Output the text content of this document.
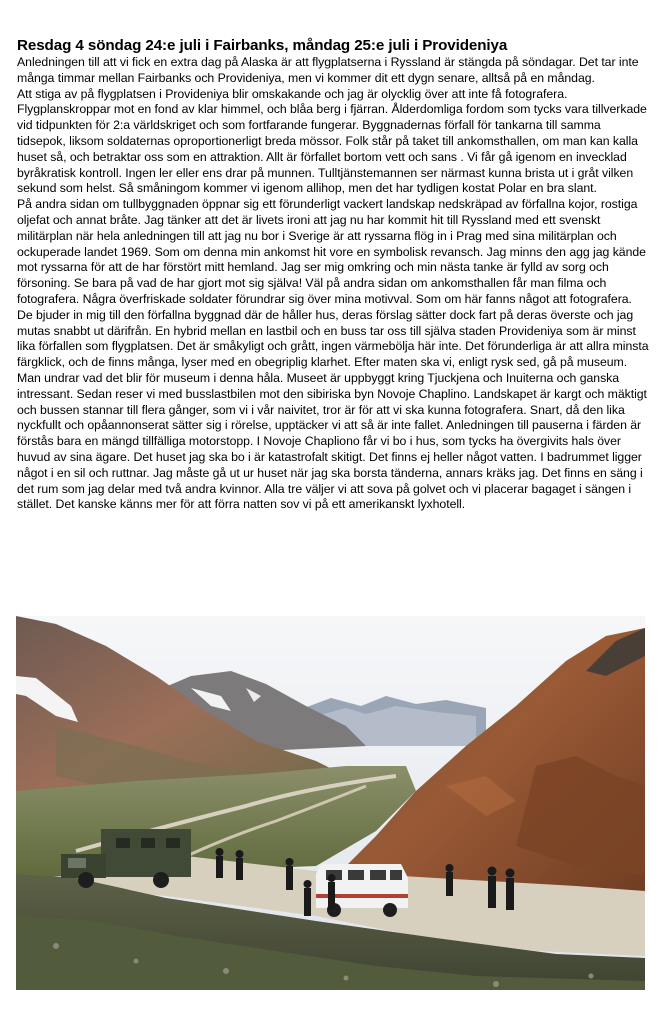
Resdag 4 söndag 24:e juli i Fairbanks, måndag 25:e juli i Provideniya

Anledningen till att vi fick en extra dag på Alaska är att flygplatserna i Ryssland är stängda på söndagar. Det tar inte många timmar mellan Fairbanks och Provideniya, men vi kommer dit ett dygn senare, alltså på en måndag.

Att stiga av på flygplatsen i Provideniya blir omskakande och jag är olycklig över att inte få fotografera. Flygplanskroppar mot en fond av klar himmel, och blåa berg i fjärran. Ålderdomliga fordom som tycks vara tillverkade vid tidpunkten för 2:a världskriget och som fortfarande fungerar. Byggnadernas förfall för tankarna till samma tidsepok, liksom soldaternas oproportionerligt breda mössor. Folk står på taket till ankomsthallen, om man kan kalla huset så, och betraktar oss som en attraktion. Allt är förfallet bortom vett och sans . Vi får gå igenom en invecklad byråkratisk kontroll. Ingen ler eller ens drar på munnen. Tulltjänstemannen ser närmast kunna brista ut i gråt vilken sekund som helst. Så småningom kommer vi igenom allihop, men det har tydligen kostat Polar en bra slant.

På andra sidan om tullbyggnaden öppnar sig ett förunderligt vackert landskap nedskräpad av förfallna kojor, rostiga oljefat och annat bråte. Jag tänker att det är livets ironi att jag nu har kommit hit till Ryssland med ett svenskt militärplan när hela anledningen till att jag nu bor i Sverige är att ryssarna flög in i Prag med sina militärplan och ockuperade landet 1969. Som om denna min ankomst hit vore en symbolisk revansch. Jag minns den agg jag kände mot ryssarna för att de har förstört mitt hemland. Jag ser mig omkring och min nästa tanke är fylld av sorg och försoning. Se bara på vad de har gjort mot sig själva! Väl på andra sidan om ankomsthallen får man filma och fotografera. Några överfriskade soldater förundrar sig över mina motivval. Som om här fanns något att fotografera. De bjuder in mig till den förfallna byggnad där de håller hus, deras förslag sätter dock fart på deras överste och jag mutas snabbt ut därifrån. En hybrid mellan en lastbil och en buss tar oss till själva staden Provideniya som är minst lika förfallen som flygplatsen. Det är småkyligt och grått, ingen värmebölja här inte. Det förunderliga är att allra minsta färgklick, och de finns många, lyser med en obegriplig klarhet. Efter maten ska vi, enligt rysk sed, gå på museum. Man undrar vad det blir för museum i denna håla. Museet är uppbyggt kring Tjuckjena och Inuiterna och ganska intressant. Sedan reser vi med busslastbilen mot den sibiriska byn Novoje Chaplino. Landskapet är kargt och mäktigt och bussen stannar till flera gånger, som vi i vår naivitet, tror är för att vi ska kunna fotografera. Snart, då den lika nyckfullt och opåannonserat sätter sig i rörelse, upptäcker vi att så är inte fallet. Anledningen till pauserna i färden är förstås bara en mängd tillfälliga motorstopp. I Novoje Chapliono får vi bo i hus, som tycks ha övergivits hals över huvud av sina ägare. Det huset jag ska bo i är katastrofalt skitigt. Det finns ej heller något vatten. I badrummet ligger något i en sil och ruttnar. Jag måste gå ut ur huset när jag ska borsta tänderna, annars kräks jag. Det finns en säng i det rum som jag delar med två andra kvinnor. Alla tre väljer vi att sova på golvet och vi placerar bagaget i sängen i stället. Det kanske känns mer för att förra natten sov vi på ett amerikanskt lyxhotell.
